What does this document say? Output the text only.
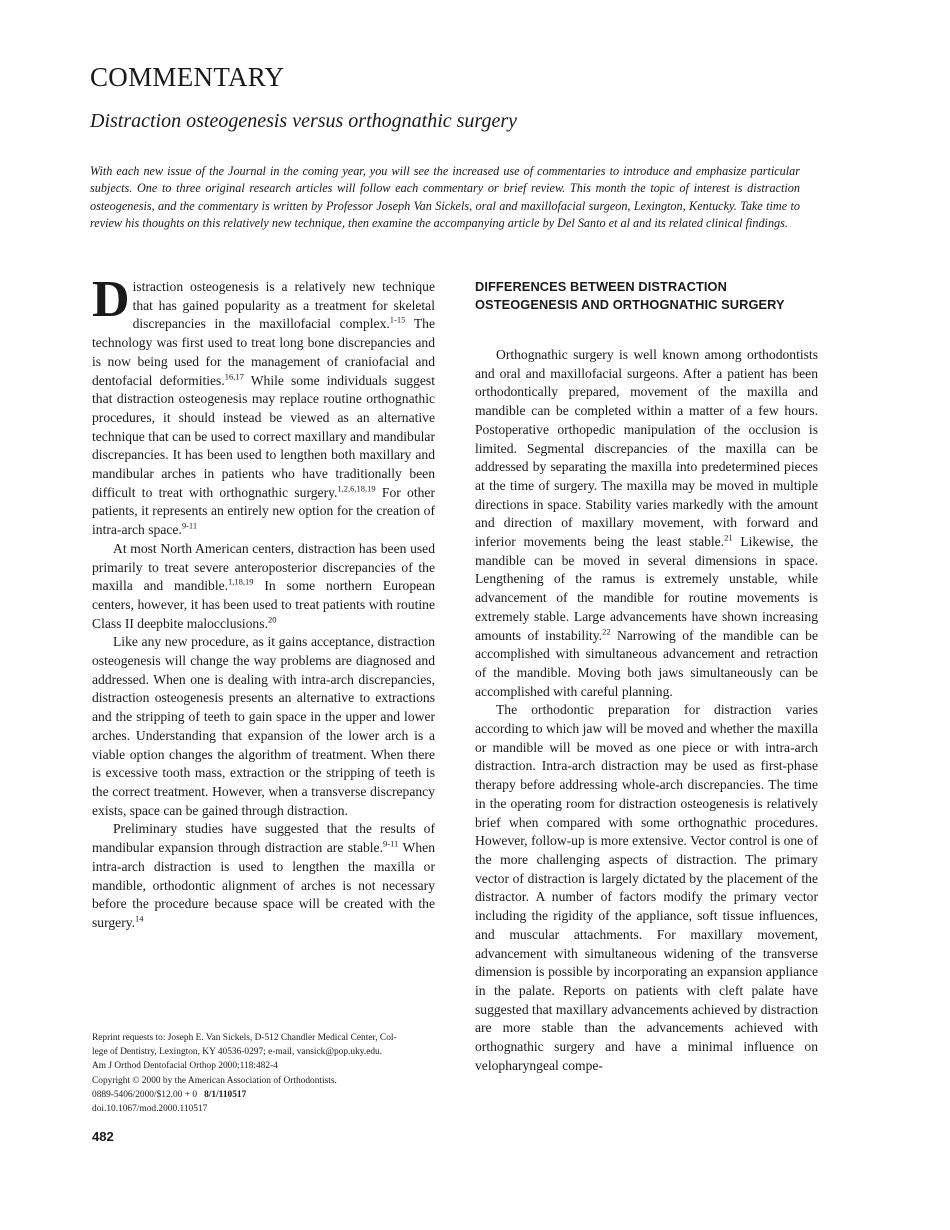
COMMENTARY
Distraction osteogenesis versus orthognathic surgery

With each new issue of the Journal in the coming year, you will see the increased use of commentaries to introduce and emphasize particular subjects. One to three original research articles will follow each commentary or brief review. This month the topic of interest is distraction osteogenesis, and the commentary is written by Professor Joseph Van Sickels, oral and maxillofacial surgeon, Lexington, Kentucky. Take time to review his thoughts on this relatively new technique, then examine the accompanying article by Del Santo et al and its related clinical findings.

Distraction osteogenesis is a relatively new technique that has gained popularity as a treatment for skeletal discrepancies in the maxillofacial complex.$^{1-15}$ The technology was first used to treat long bone discrepancies and is now being used for the management of craniofacial and dentofacial deformities.$^{16,17}$ While some individuals suggest that distraction osteogenesis may replace routine orthognathic procedures, it should instead be viewed as an alternative technique that can be used to correct maxillary and mandibular discrepancies. It has been used to lengthen both maxillary and mandibular arches in patients who have traditionally been difficult to treat with orthognathic surgery.$^{1,2,6,18,19}$ For other patients, it represents an entirely new option for the creation of intra-arch space.$^{9-11}$

At most North American centers, distraction has been used primarily to treat severe anteroposterior discrepancies of the maxilla and mandible.$^{1,18,19}$ In some northern European centers, however, it has been used to treat patients with routine Class II deepbite malocclusions.$^{20}$

Like any new procedure, as it gains acceptance, distraction osteogenesis will change the way problems are diagnosed and addressed. When one is dealing with intra-arch discrepancies, distraction osteogenesis presents an alternative to extractions and the stripping of teeth to gain space in the upper and lower arches. Understanding that expansion of the lower arch is a viable option changes the algorithm of treatment. When there is excessive tooth mass, extraction or the stripping of teeth is the correct treatment. However, when a transverse discrepancy exists, space can be gained through distraction.

Preliminary studies have suggested that the results of mandibular expansion through distraction are stable.$^{9-11}$ When intra-arch distraction is used to lengthen the maxilla or mandible, orthodontic alignment of arches is not necessary before the procedure because space will be created with the surgery.$^{14}$

DIFFERENCES BETWEEN DISTRACTION OSTEOGENESIS AND ORTHOGNATHIC SURGERY

Orthognathic surgery is well known among orthodontists and oral and maxillofacial surgeons. After a patient has been orthodontically prepared, movement of the maxilla and mandible can be completed within a matter of a few hours. Postoperative orthopedic manipulation of the occlusion is limited. Segmental discrepancies of the maxilla can be addressed by separating the maxilla into predetermined pieces at the time of surgery. The maxilla may be moved in multiple directions in space. Stability varies markedly with the amount and direction of maxillary movement, with forward and inferior movements being the least stable.$^{21}$ Likewise, the mandible can be moved in several dimensions in space. Lengthening of the ramus is extremely unstable, while advancement of the mandible for routine movements is extremely stable. Large advancements have shown increasing amounts of instability.$^{22}$ Narrowing of the mandible can be accomplished with simultaneous advancement and retraction of the mandible. Moving both jaws simultaneously can be accomplished with careful planning.

The orthodontic preparation for distraction varies according to which jaw will be moved and whether the maxilla or mandible will be moved as one piece or with intra-arch distraction. Intra-arch distraction may be used as first-phase therapy before addressing whole-arch discrepancies. The time in the operating room for distraction osteogenesis is relatively brief when compared with some orthognathic procedures. However, follow-up is more extensive. Vector control is one of the more challenging aspects of distraction. The primary vector of distraction is largely dictated by the placement of the distractor. A number of factors modify the primary vector including the rigidity of the appliance, soft tissue influences, and muscular attachments. For maxillary movement, advancement with simultaneous widening of the transverse dimension is possible by incorporating an expansion appliance in the palate. Reports on patients with cleft palate have suggested that maxillary advancements achieved by distraction are more stable than the advancements achieved with orthognathic surgery and have a minimal influence on velopharyngeal compe-

Reprint requests to: Joseph E. Van Sickels, D-512 Chandler Medical Center, Col-
lege of Dentistry, Lexington, KY 40536-0297; e-mail, vansick@pop.uky.edu.
Am J Orthod Dentofacial Orthop 2000;118:482-4
Copyright © 2000 by the American Association of Orthodontists.
0889-5406/2000/$12.00 + 0 8/1/110517
doi.10.1067/mod.2000.110517
482
